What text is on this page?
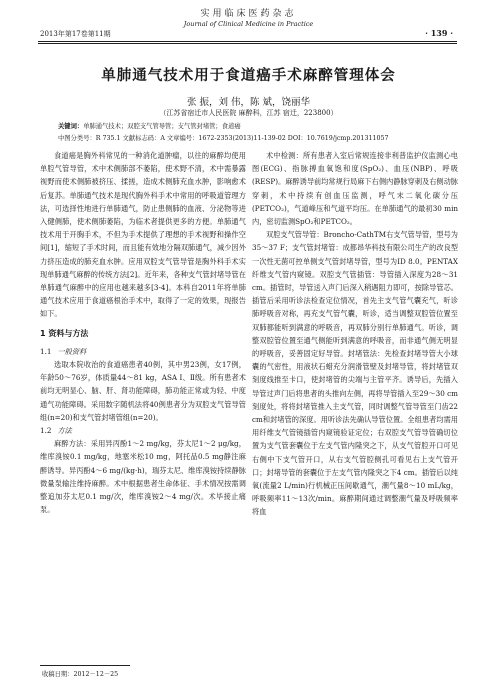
实用临床医药杂志
Journal of Clinical Medicine in Practice
2013年第17卷第11期	· 139 ·
单肺通气技术用于食道癌手术麻醉管理体会
张 振，刘 伟，陈 斌，饶丽华
（江苏省宿迁市人民医院 麻醉科，江苏 宿迁，223800）
关键词：单肺通气技术；双腔支气管导管；支气管封堵管；食道癌
中图分类号：R 735.1 文献标志码：A 文章编号：1672-2353(2013)11-139-02 DOI：10.7619/jcmp.201311057

食道癌是胸外科常见的一种消化道肿瘤，以往的麻醉均使用单腔气管导管，术中术侧肺部不萎陷，使术野不清，术中需暴露视野而使术侧肺被挤压、揉搓，造成术侧肺充血水肿，影响愈术后复苏。单肺通气技术是现代胸外科手术中常用的呼吸道管理方法，可选择性地进行单肺通气，防止患侧肺的血液、分泌物等进入健侧肺，使术侧肺萎陷，为临术者提供更多的方便。单肺通气技术用于开胸手术，不但为手术提供了理想的手术视野和操作空间[1]，缩短了手术时间，而且能有效地分隔双肺通气，减少因外力挤压造成的肺充血水肿。应用双腔支气管导管是胸外科手术实现单肺通气麻醉的传统方法[2]。近年来，各种支气管封堵导管在单肺通气麻醉中的应用也越来越多[3-4]。本科自2011年将单肺通气技术应用于食道癌根治手术中，取得了一定的效果，现报告如下。

1 资料与方法

1.1 一般资料

选取本院收治的食道癌患者40例，其中男23例，女17例，年龄50～76岁，体质量44～81 kg，ASA Ⅰ、Ⅱ级。所有患者术前均无明显心、脑、肝、肾功能障碍，肺功能正常或为轻、中度通气功能障碍。采用数字随机法将40例患者分为双腔支气管导管组(n=20)和支气管封堵管组(n=20)。

1.2 方法

麻醉方法：采用异丙酚1～2 mg/kg，芬太尼1～2 μg/kg，维库溴铵0.1 mg/kg，地塞米松10 mg，阿托品0.5 mg静注麻醉诱导。异丙酚4～6 mg/(kg·h)，瑞芬太尼、维库溴铵持续静脉微量泵输注维持麻醉。术中根据患者生命体征、手术情况按需调整追加芬太尼0.1 mg/次，维库溴铵2～4 mg/次。术毕接止痛泵。

术中检测：所有患者入室后常规连接非利普监护仪监测心电图(ECG)、指脉搏血氧饱和度(SpO₂)、血压(NBP)、呼吸(RESP)。麻醉诱导前均常规行局麻下右侧内静脉穿刺及右侧动脉穿刺，术中持续有创血压监测，呼气末二氧化碳分压(PETCO₂)，气道峰压和气道平均压。在单肺通气的最初30 min内，密切监测SpO₂和PETCO₂。

双腔支气管导管：Broncho-CathTM右支气管导管，型号为35～37 F；支气管封堵管：成都昂华科技有限公司生产的改良型一次性无菌可控单侧支气管封堵导管，型号为ID 8.0。PENTAX纤维支气管内窥镜。双腔支气管插管：导管插入深度为28～31 cm。插管时，导管送入声门后深入稍遇阻力即可，按除导管芯。插管后采用听诊法检查定位情况，首先主支气管气囊充气，听诊肺呼吸音对称，再充支气管气囊，听诊，适当调整双腔管位置至双肺都能听到满意的呼吸音，再双肺分别行单肺通气。听诊，调整双腔管位置至通气侧能听到满意的呼吸音，而非通气侧无明显的呼吸音，妥善固定好导管。封堵管法：先检查封堵导管大小球囊的气密性，用液状石蜡充分润滑管壁及封堵导管，将封堵管双刻度线推至卡口，使封堵管的尖端与主管平齐。诱导后，先插入导管过声门后将患者的头推向左侧，再将导管插入至29～30 cm刻度处，将将封堵管推入主支气管，同时调整气管导管至门齿22 cm和封堵管的深度。用听诊法先确认导管位置。全组患者均需用用纤维支气管镜插管内窥镜验证定位；右双腔支气管导管确切位置为支气管套囊位于左支气管内隆突之下，从支气管腔开口可见右侧中下支气管开口，从右支气管腔侧孔可看见右上支气管开口；封堵导管的套囊位于左支气管内隆突之下4 cm。插管后以纯氧(流量2 L/min)行机械正压间歇通气，潮气量8～10 mL/kg，呼吸频率11～13次/min。麻醉期间通过调整潮气量及呼吸频率将血

收稿日期：2012－12－25
